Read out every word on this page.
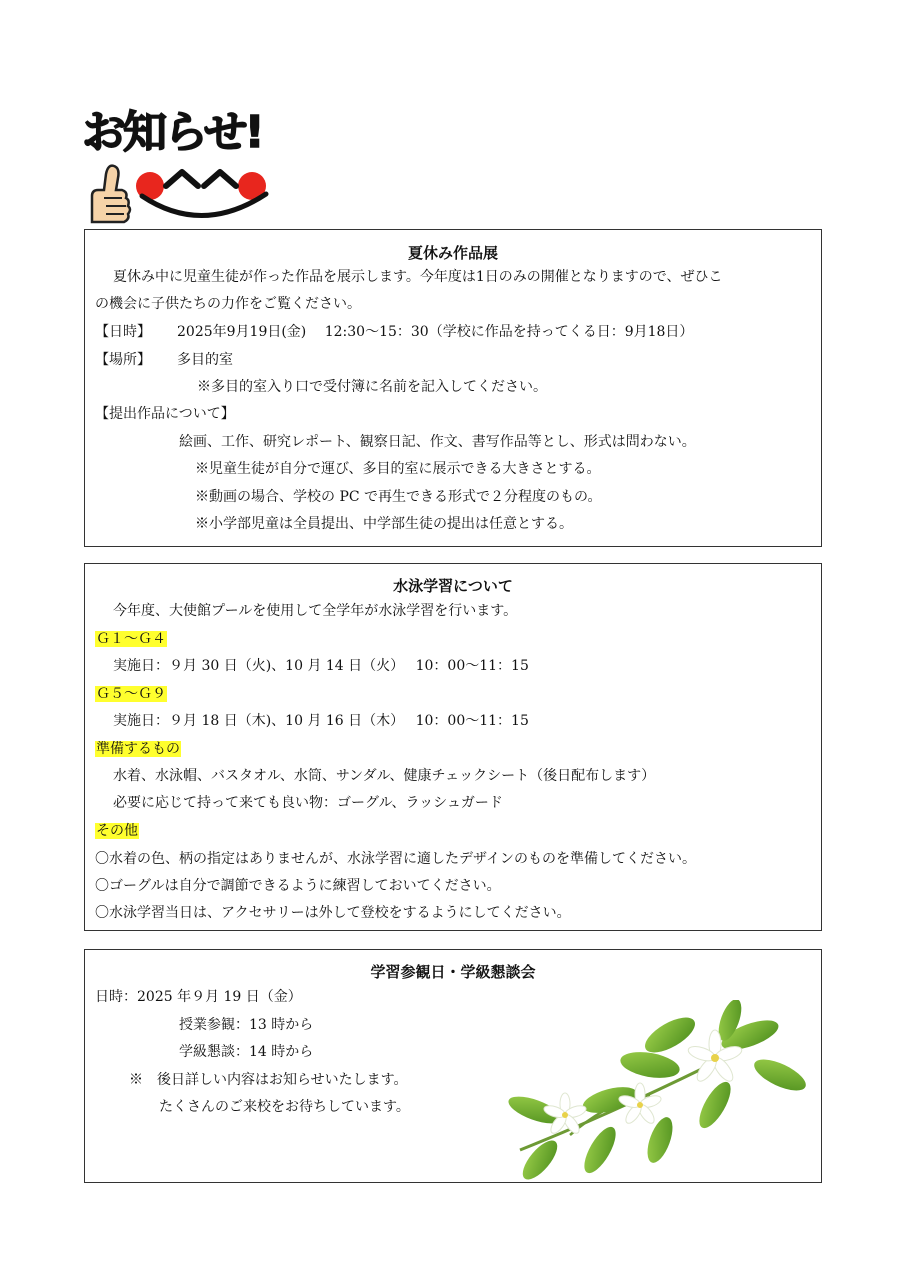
お知らせ!
夏休み作品展
夏休み中に児童生徒が作った作品を展示します。今年度は1日のみの開催となりますので、ぜひこ
の機会に子供たちの力作をご覧ください。
【日時】 2025年9月19日(金)　 12:30～15：30（学校に作品を持ってくる日：9月18日）
【場所】 多目的室
※多目的室入り口で受付簿に名前を記入してください。
【提出作品について】
絵画、工作、研究レポート、観察日記、作文、書写作品等とし、形式は問わない。
※児童生徒が自分で運び、多目的室に展示できる大きさとする。
※動画の場合、学校の PC で再生できる形式で２分程度のもの。
※小学部児童は全員提出、中学部生徒の提出は任意とする。
水泳学習について
今年度、大使館プールを使用して全学年が水泳学習を行います。
Ｇ１～Ｇ４
実施日：９月 30 日（火)、10 月 14 日（火）　 10：00～11：15
Ｇ５～Ｇ９
実施日：９月 18 日（木)、10 月 16 日（木）　 10：00～11：15
準備するもの
水着、水泳帽、バスタオル、水筒、サンダル、健康チェックシート（後日配布します）
必要に応じて持って来ても良い物：ゴーグル、ラッシュガード
その他
〇水着の色、柄の指定はありませんが、水泳学習に適したデザインのものを準備してください。
〇ゴーグルは自分で調節できるように練習しておいてください。
〇水泳学習当日は、アクセサリーは外して登校をするようにしてください。
学習参観日・学級懇談会
日時：2025 年９月 19 日（金）
授業参観：13 時から
学級懇談：14 時から
※　後日詳しい内容はお知らせいたします。
たくさんのご来校をお待ちしています。
